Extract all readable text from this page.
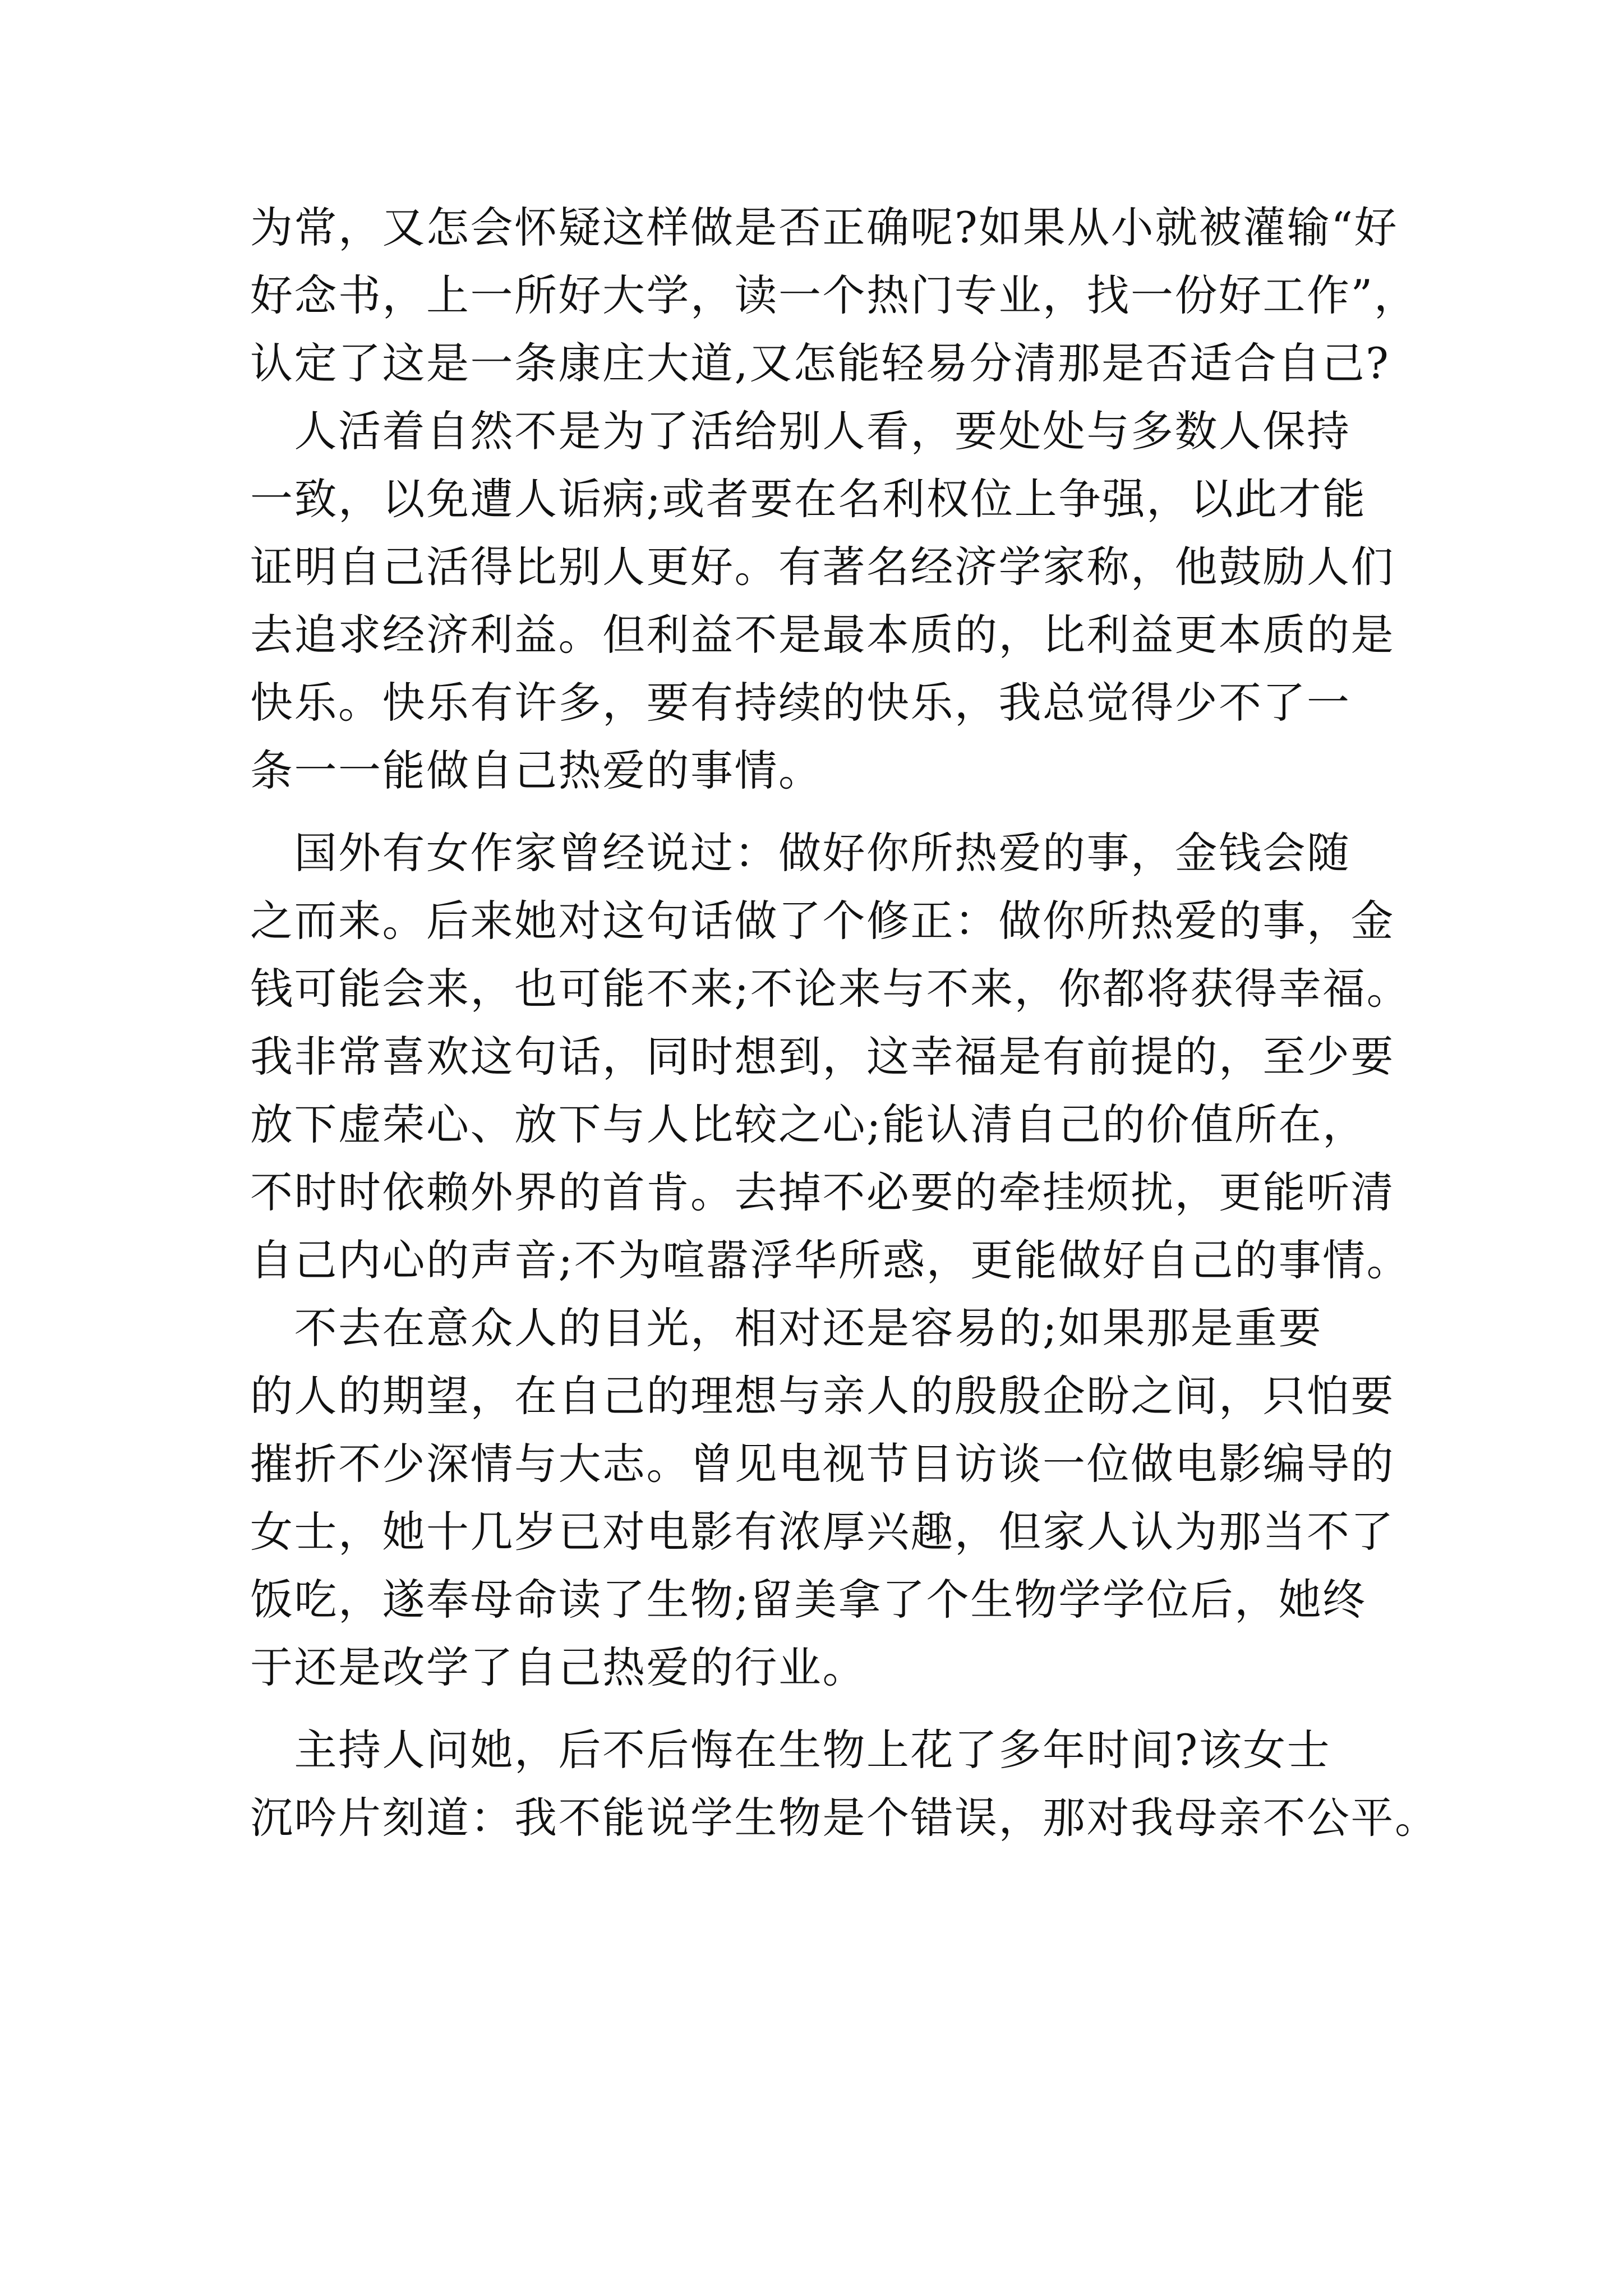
为常，又怎会怀疑这样做是否正确呢?如果从小就被灌输“好
好念书，上一所好大学，读一个热门专业，找一份好工作”，
认定了这是一条康庄大道,又怎能轻易分清那是否适合自己?
　人活着自然不是为了活给别人看，要处处与多数人保持
一致，以免遭人诟病;或者要在名利权位上争强，以此才能
证明自己活得比别人更好。有著名经济学家称，他鼓励人们
去追求经济利益。但利益不是最本质的，比利益更本质的是
快乐。快乐有许多，要有持续的快乐，我总觉得少不了一
条一一能做自己热爱的事情。
　国外有女作家曾经说过：做好你所热爱的事，金钱会随
之而来。后来她对这句话做了个修正：做你所热爱的事，金
钱可能会来，也可能不来;不论来与不来，你都将获得幸福。
我非常喜欢这句话，同时想到，这幸福是有前提的，至少要
放下虚荣心、放下与人比较之心;能认清自己的价值所在，
不时时依赖外界的首肯。去掉不必要的牵挂烦扰，更能听清
自己内心的声音;不为喧嚣浮华所惑，更能做好自己的事情。
　不去在意众人的目光，相对还是容易的;如果那是重要
的人的期望，在自己的理想与亲人的殷殷企盼之间，只怕要
摧折不少深情与大志。曾见电视节目访谈一位做电影编导的
女士，她十几岁已对电影有浓厚兴趣，但家人认为那当不了
饭吃，遂奉母命读了生物;留美拿了个生物学学位后，她终
于还是改学了自己热爱的行业。
　主持人问她，后不后悔在生物上花了多年时间?该女士
沉吟片刻道：我不能说学生物是个错误，那对我母亲不公平。
